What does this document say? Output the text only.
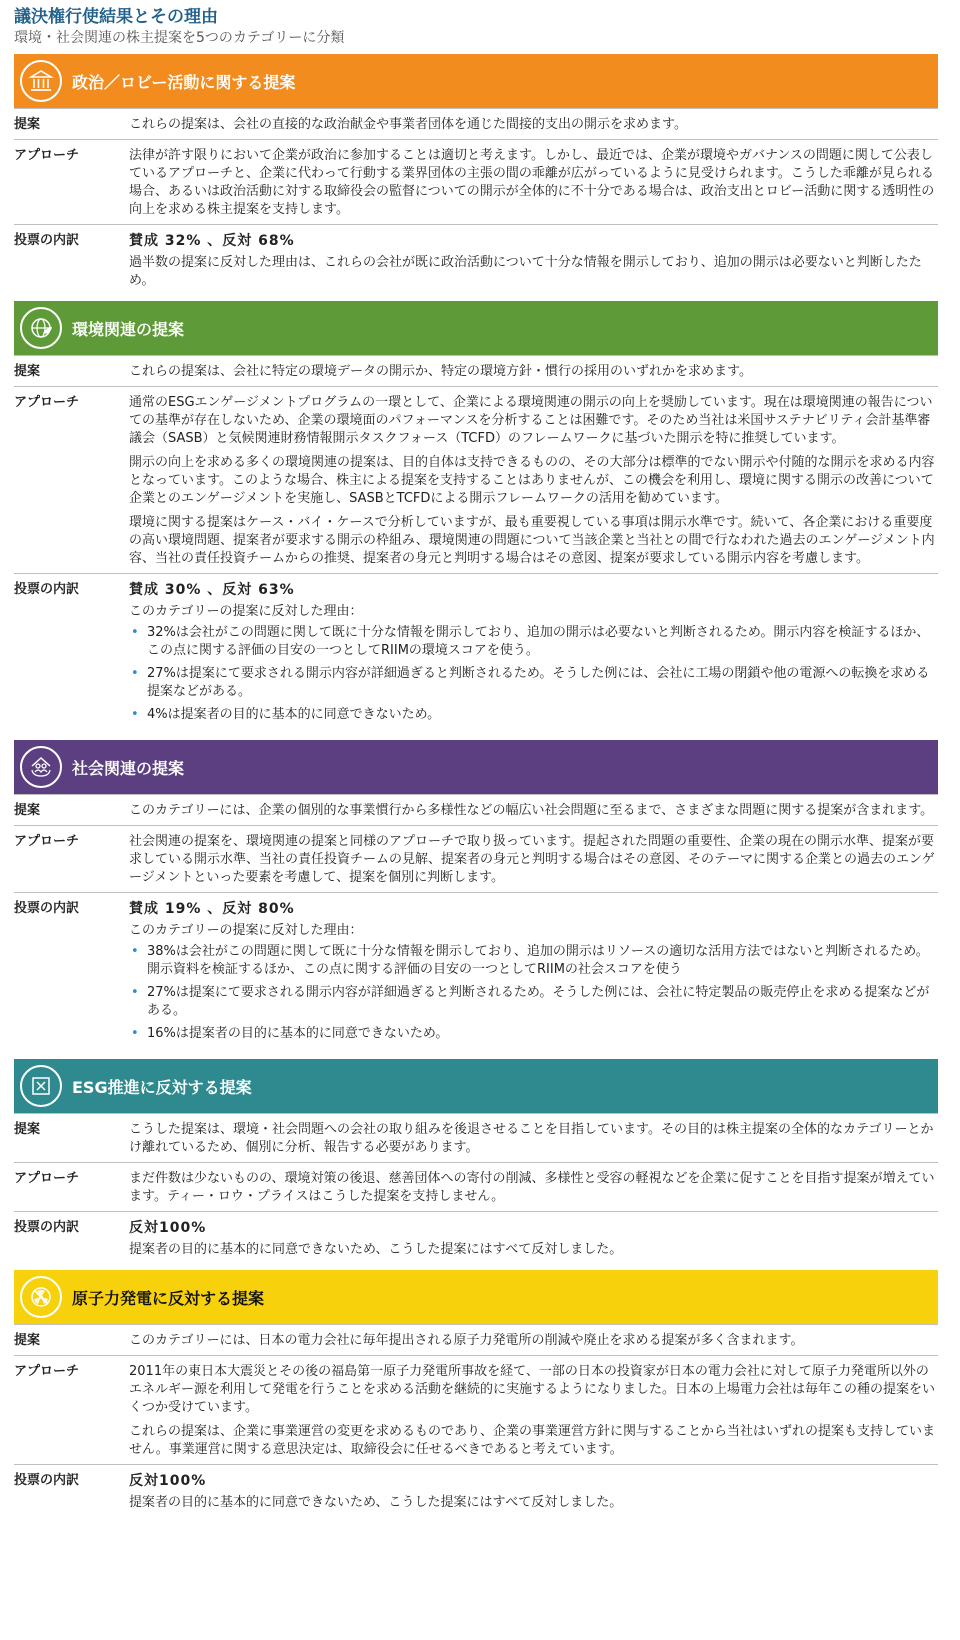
議決権行使結果とその理由
環境・社会関連の株主提案を5つのカテゴリーに分類
政治／ロビー活動に関する提案
提案	これらの提案は、会社の直接的な政治献金や事業者団体を通じた間接的支出の開示を求めます。
アプローチ	法律が許す限りにおいて企業が政治に参加することは適切と考えます。しかし、最近では、企業が環境やガバナンスの問題に関して公表しているアプローチと、企業に代わって行動する業界団体の主張の間の乖離が広がっているように見受けられます。こうした乖離が見られる場合、あるいは政治活動に対する取締役会の監督についての開示が全体的に不十分である場合は、政治支出とロビー活動に関する透明性の向上を求める株主提案を支持します。

投票の内訳	賛成 32% 、反対 68%
過半数の提案に反対した理由は、これらの会社が既に政治活動について十分な情報を開示しており、追加の開示は必要ないと判断したため。
環境関連の提案
提案	これらの提案は、会社に特定の環境データの開示か、特定の環境方針・慣行の採用のいずれかを求めます。
アプローチ	通常のESGエンゲージメントプログラムの一環として、企業による環境関連の開示の向上を奨励しています。現在は環境関連の報告についての基準が存在しないため、企業の環境面のパフォーマンスを分析することは困難です。そのため当社は米国サステナビリティ会計基準審議会（SASB）と気候関連財務情報開示タスクフォース（TCFD）のフレームワークに基づいた開示を特に推奨しています。

開示の向上を求める多くの環境関連の提案は、目的自体は支持できるものの、その大部分は標準的でない開示や付随的な開示を求める内容となっています。このような場合、株主による提案を支持することはありませんが、この機会を利用し、環境に関する開示の改善について企業とのエンゲージメントを実施し、SASBとTCFDによる開示フレームワークの活用を勧めています。

環境に関する提案はケース・バイ・ケースで分析していますが、最も重要視している事項は開示水準です。続いて、各企業における重要度の高い環境問題、提案者が要求する開示の枠組み、環境関連の問題について当該企業と当社との間で行なわれた過去のエンゲージメント内容、当社の責任投資チームからの推奨、提案者の身元と判明する場合はその意図、提案が要求している開示内容を考慮します。

投票の内訳	賛成 30% 、反対 63%
このカテゴリーの提案に反対した理由：
• 32%は会社がこの問題に関して既に十分な情報を開示しており、追加の開示は必要ないと判断されるため。開示内容を検証するほか、この点に関する評価の目安の一つとしてRIIMの環境スコアを使う。
• 27%は提案にて要求される開示内容が詳細過ぎると判断されるため。そうした例には、会社に工場の閉鎖や他の電源への転換を求める提案などがある。
• 4%は提案者の目的に基本的に同意できないため。
社会関連の提案
提案	このカテゴリーには、企業の個別的な事業慣行から多様性などの幅広い社会問題に至るまで、さまざまな問題に関する提案が含まれます。
アプローチ	社会関連の提案を、環境関連の提案と同様のアプローチで取り扱っています。提起された問題の重要性、企業の現在の開示水準、提案が要求している開示水準、当社の責任投資チームの見解、提案者の身元と判明する場合はその意図、そのテーマに関する企業との過去のエンゲージメントといった要素を考慮して、提案を個別に判断します。

投票の内訳	賛成 19% 、反対 80%
このカテゴリーの提案に反対した理由：
• 38%は会社がこの問題に関して既に十分な情報を開示しており、追加の開示はリソースの適切な活用方法ではないと判断されるため。開示資料を検証するほか、この点に関する評価の目安の一つとしてRIIMの社会スコアを使う
• 27%は提案にて要求される開示内容が詳細過ぎると判断されるため。そうした例には、会社に特定製品の販売停止を求める提案などがある。
• 16%は提案者の目的に基本的に同意できないため。
ESG推進に反対する提案
提案	こうした提案は、環境・社会問題への会社の取り組みを後退させることを目指しています。その目的は株主提案の全体的なカテゴリーとかけ離れているため、個別に分析、報告する必要があります。
アプローチ	まだ件数は少ないものの、環境対策の後退、慈善団体への寄付の削減、多様性と受容の軽視などを企業に促すことを目指す提案が増えています。ティー・ロウ・プライスはこうした提案を支持しません。

投票の内訳	反対100%
提案者の目的に基本的に同意できないため、こうした提案にはすべて反対しました。
原子力発電に反対する提案
提案	このカテゴリーには、日本の電力会社に毎年提出される原子力発電所の削減や廃止を求める提案が多く含まれます。
アプローチ	2011年の東日本大震災とその後の福島第一原子力発電所事故を経て、一部の日本の投資家が日本の電力会社に対して原子力発電所以外のエネルギー源を利用して発電を行うことを求める活動を継続的に実施するようになりました。日本の上場電力会社は毎年この種の提案をいくつか受けています。

これらの提案は、企業に事業運営の変更を求めるものであり、企業の事業運営方針に関与することから当社はいずれの提案も支持していません。事業運営に関する意思決定は、取締役会に任せるべきであると考えています。

投票の内訳	反対100%
提案者の目的に基本的に同意できないため、こうした提案にはすべて反対しました。
